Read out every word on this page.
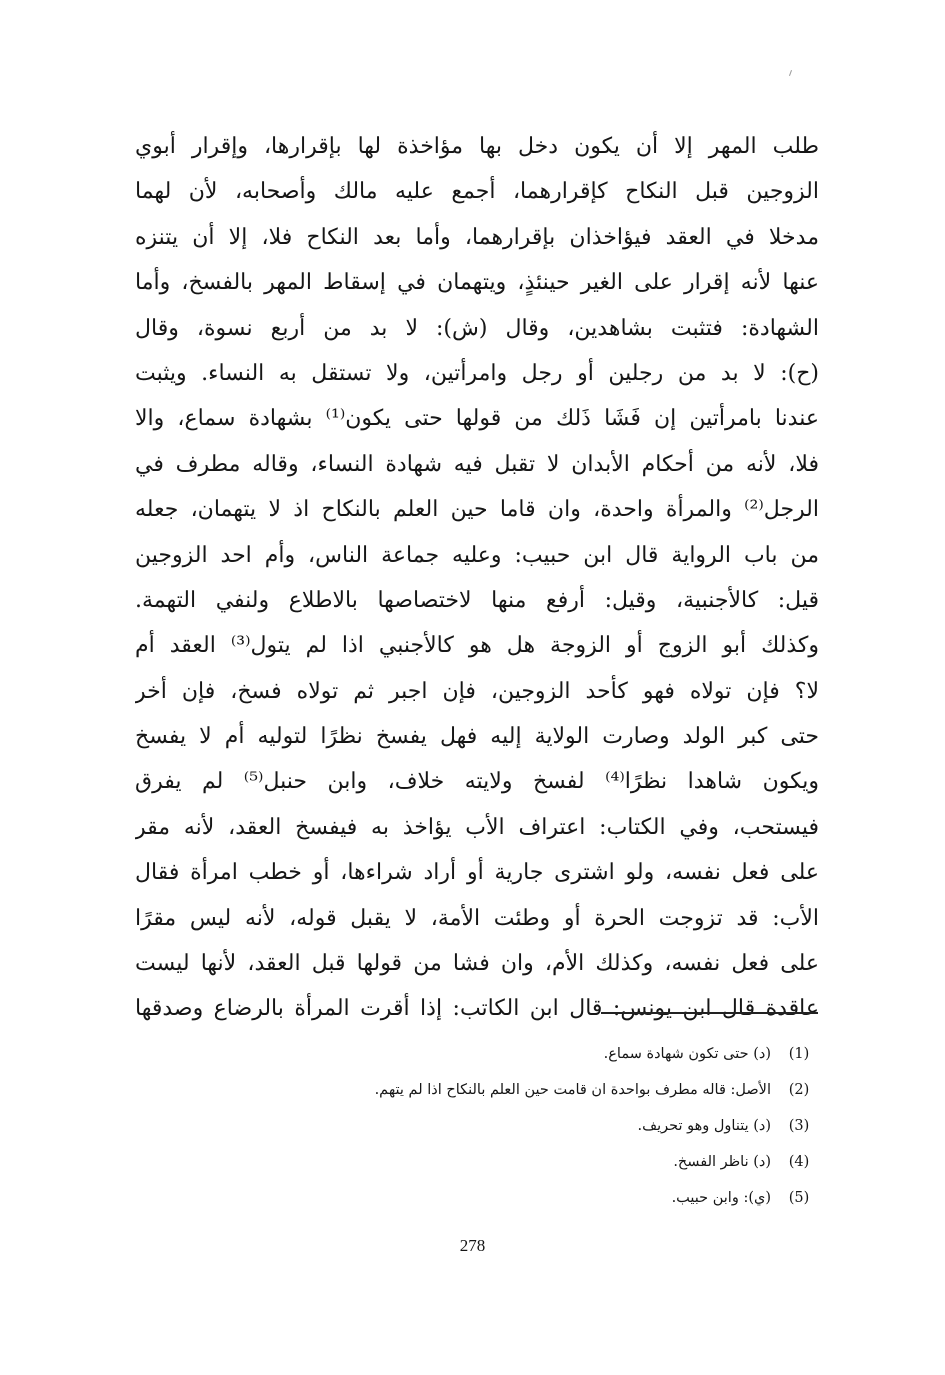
طلب المهر إلا أن يكون دخل بها مؤاخذة لها بإقرارها، وإقرار أبوي
الزوجين قبل النكاح كإقرارهما، أجمع عليه مالك وأصحابه، لأن لهما
مدخلا في العقد فيؤاخذان بإقرارهما، وأما بعد النكاح فلا، إلا أن يتنزه
عنها لأنه إقرار على الغير حينئذٍ، ويتهمان في إسقاط المهر بالفسخ، وأما
الشهادة: فتثبت بشاهدين، وقال (ش): لا بد من أربع نسوة، وقال
(ح): لا بد من رجلين أو رجل وامرأتين، ولا تستقل به النساء. ويثبت
عندنا بامرأتين إن فَشَا ذَلك من قولها حتى يكون⁽¹⁾ بشهادة سماع، والا
فلا، لأنه من أحكام الأبدان لا تقبل فيه شهادة النساء، وقاله مطرف في
الرجل⁽²⁾ والمرأة واحدة، وان قاما حين العلم بالنكاح اذ لا يتهمان، جعله
من باب الرواية قال ابن حبيب: وعليه جماعة الناس، وأم احد الزوجين
قيل: كالأجنبية، وقيل: أرفع منها لاختصاصها بالاطلاع ولنفي التهمة.
وكذلك أبو الزوج أو الزوجة هل هو كالأجنبي اذا لم يتول⁽³⁾ العقد أم
لا؟ فإن تولاه فهو كأحد الزوجين، فإن اجبر ثم تولاه فسخ، فإن أخر
حتى كبر الولد وصارت الولاية إليه فهل يفسخ نظرًا لتوليه أم لا يفسخ
ويكون شاهدا نظرًا⁽⁴⁾ لفسخ ولايته خلاف، وابن حنبل⁽⁵⁾ لم يفرق
فيستحب، وفي الكتاب: اعتراف الأب يؤاخذ به فيفسخ العقد، لأنه مقر
على فعل نفسه، ولو اشترى جارية أو أراد شراءها، أو خطب امرأة فقال
الأب: قد تزوجت الحرة أو وطئت الأمة، لا يقبل قوله، لأنه ليس مقرًا
على فعل نفسه، وكذلك الأم، وان فشا من قولها قبل العقد، لأنها ليست
عاقدة قال ابن يونس: قال ابن الكاتب: إذا أقرت المرأة بالرضاع وصدقها
(1)(د) حتى تكون شهادة سماع.
(2)الأصل: قاله مطرف بواحدة ان قامت حين العلم بالنكاح اذا لم يتهم.
(3)(د) يتناول وهو تحريف.
(4)(د) ناظر الفسخ.
(5)(ي): وابن حبيب.
278
